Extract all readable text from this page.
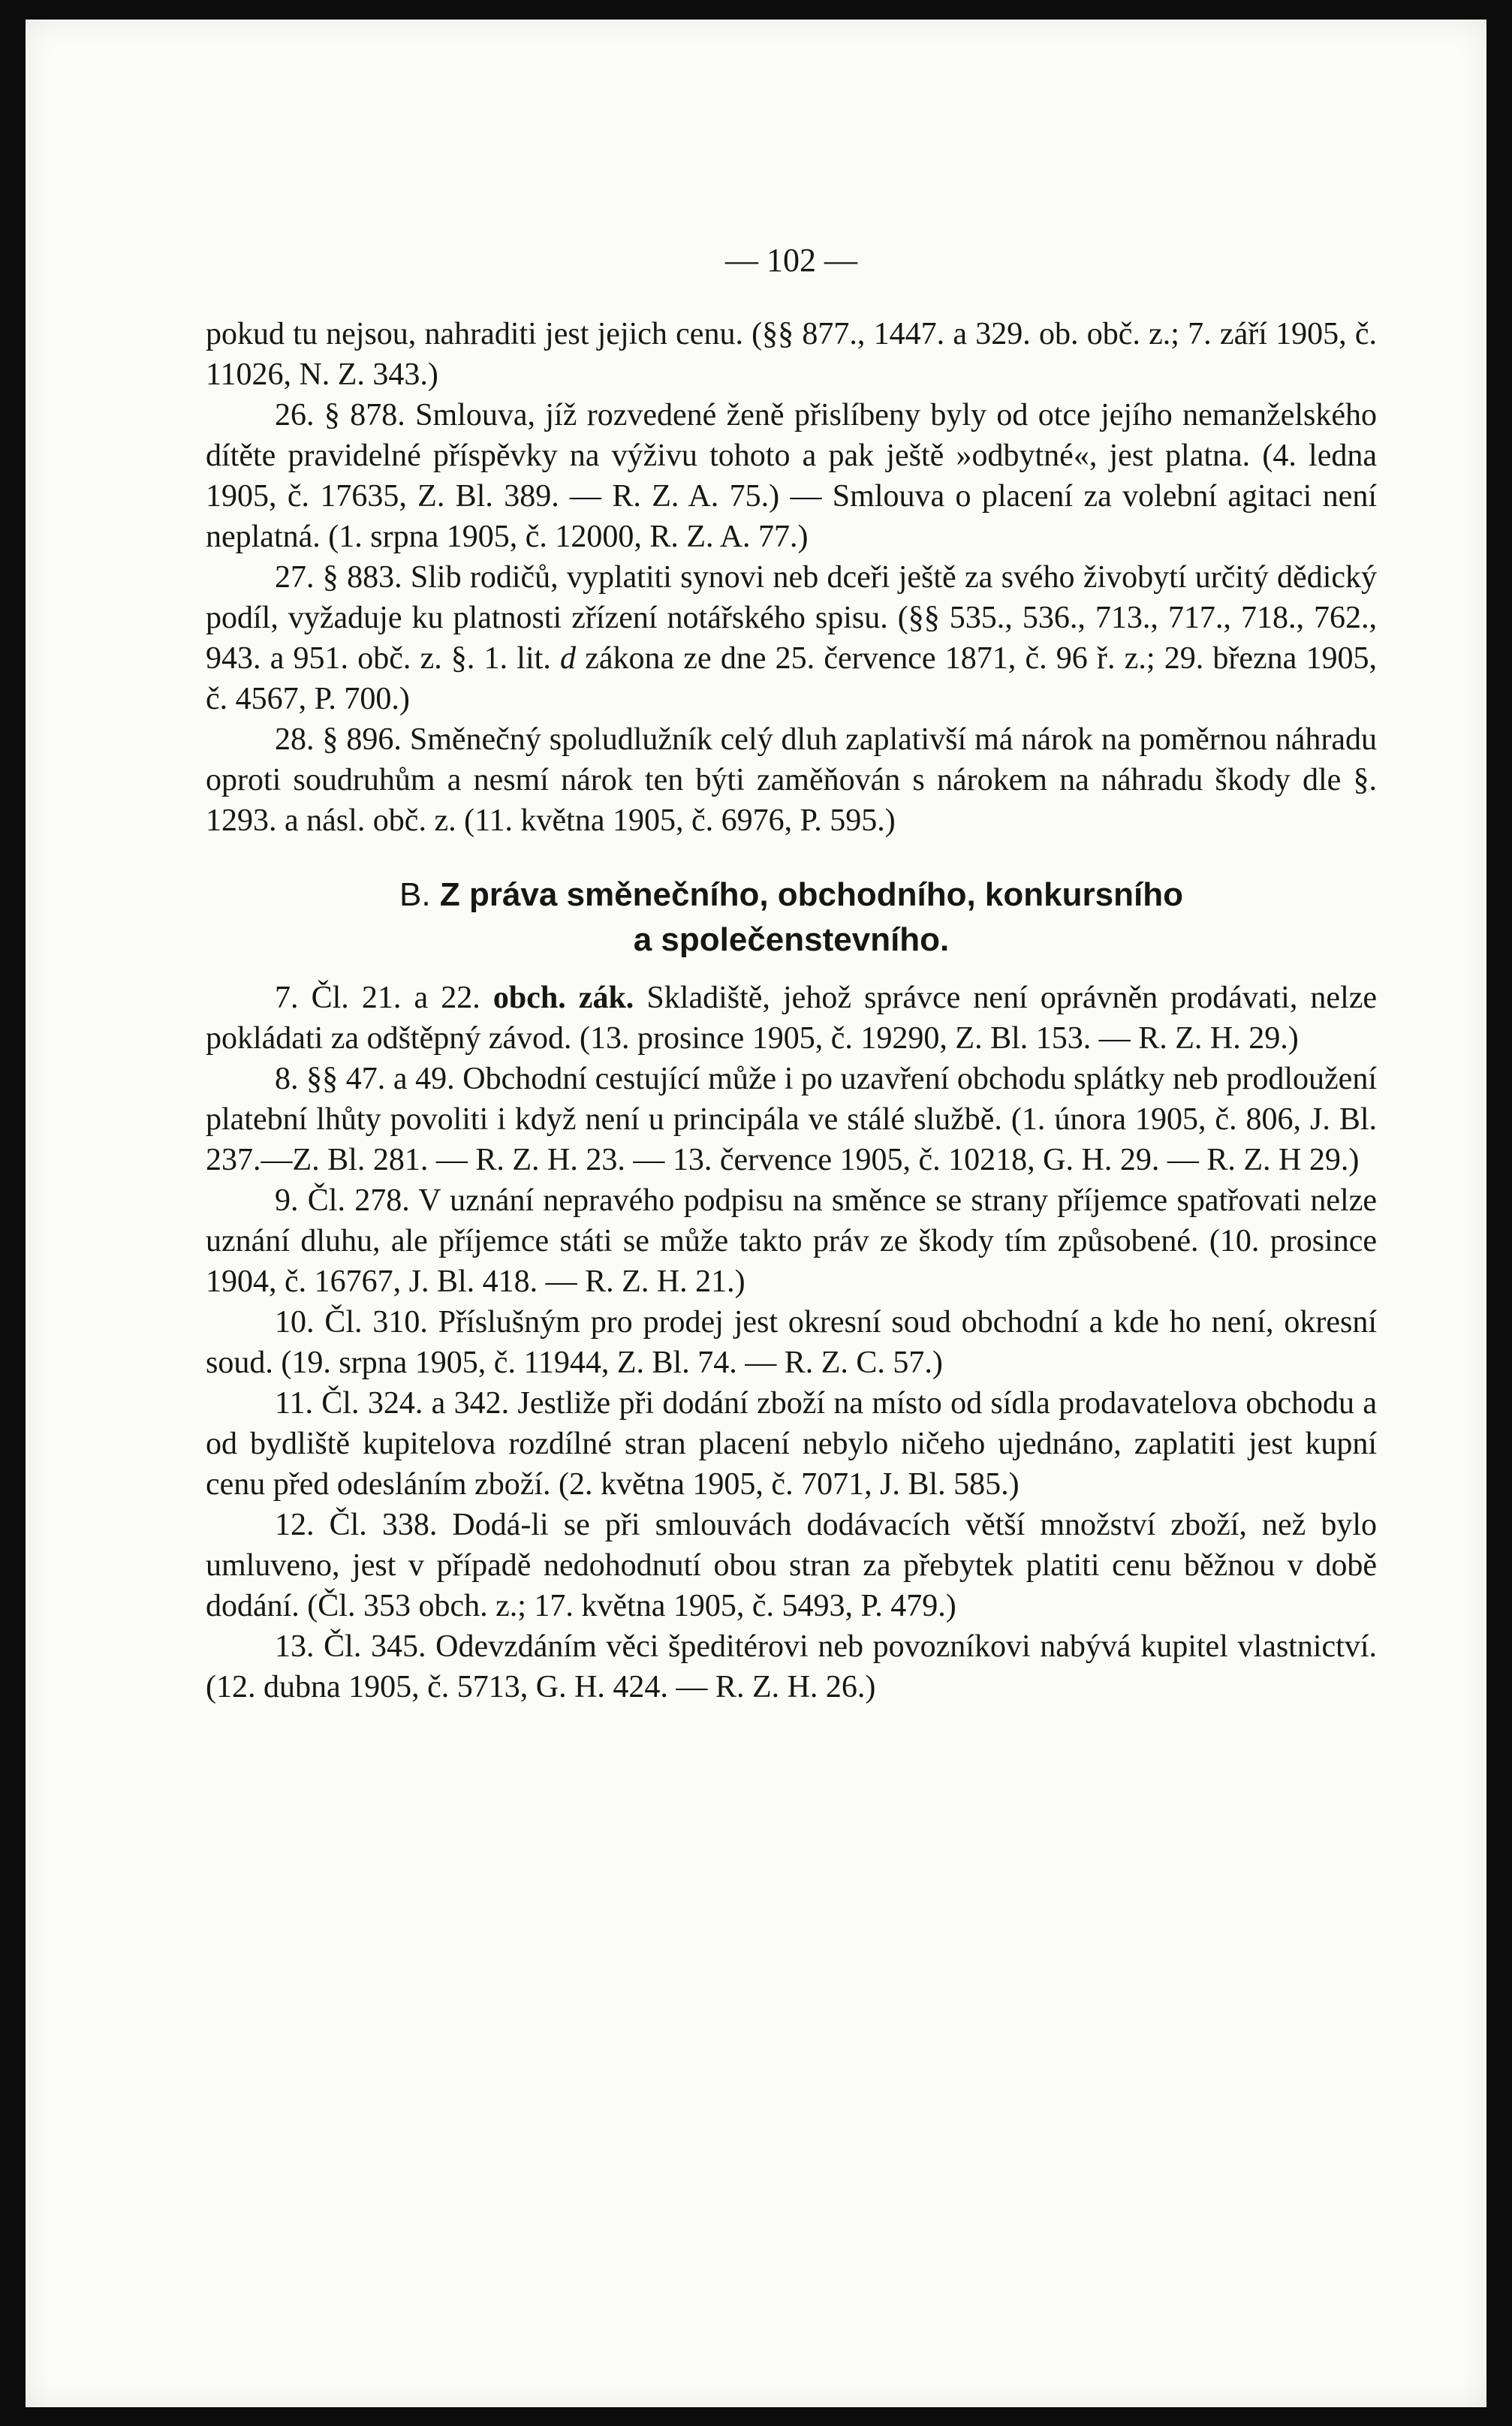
— 102 —

pokud tu nejsou, nahraditi jest jejich cenu. (§§ 877., 1447. a 329. ob. obč. z.; 7. září 1905, č. 11026, N. Z. 343.)

26. § 878. Smlouva, jíž rozvedené ženě přislíbeny byly od otce jejího nemanželského dítěte pravidelné příspěvky na výživu tohoto a pak ještě »odbytné«, jest platna. (4. ledna 1905, č. 17635, Z. Bl. 389. — R. Z. A. 75.) — Smlouva o placení za volební agitaci není neplatná. (1. srpna 1905, č. 12000, R. Z. A. 77.)

27. § 883. Slib rodičů, vyplatiti synovi neb dceři ještě za svého živobytí určitý dědický podíl, vyžaduje ku platnosti zřízení notářského spisu. (§§ 535., 536., 713., 717., 718., 762., 943. a 951. obč. z. §. 1. lit. d zákona ze dne 25. července 1871, č. 96 ř. z.; 29. března 1905, č. 4567, P. 700.)

28. § 896. Směnečný spoludlužník celý dluh zaplativší má nárok na poměrnou náhradu oproti soudruhům a nesmí nárok ten býti zaměňován s nárokem na náhradu škody dle §. 1293. a násl. obč. z. (11. května 1905, č. 6976, P. 595.)

B. Z práva směnečního, obchodního, konkursního
a společenstevního.

7. Čl. 21. a 22. obch. zák. Skladiště, jehož správce není oprávněn prodávati, nelze pokládati za odštěpný závod. (13. prosince 1905, č. 19290, Z. Bl. 153. — R. Z. H. 29.)

8. §§ 47. a 49. Obchodní cestující může i po uzavření obchodu splátky neb prodloužení platební lhůty povoliti i když není u principála ve stálé službě. (1. února 1905, č. 806, J. Bl. 237.—Z. Bl. 281. — R. Z. H. 23. — 13. července 1905, č. 10218, G. H. 29. — R. Z. H 29.)

9. Čl. 278. V uznání nepravého podpisu na směnce se strany příjemce spatřovati nelze uznání dluhu, ale příjemce státi se může takto práv ze škody tím způsobené. (10. prosince 1904, č. 16767, J. Bl. 418. — R. Z. H. 21.)

10. Čl. 310. Příslušným pro prodej jest okresní soud obchodní a kde ho není, okresní soud. (19. srpna 1905, č. 11944, Z. Bl. 74. — R. Z. C. 57.)

11. Čl. 324. a 342. Jestliže při dodání zboží na místo od sídla prodavatelova obchodu a od bydliště kupitelova rozdílné stran placení nebylo ničeho ujednáno, zaplatiti jest kupní cenu před odesláním zboží. (2. května 1905, č. 7071, J. Bl. 585.)

12. Čl. 338. Dodá-li se při smlouvách dodávacích větší množství zboží, než bylo umluveno, jest v případě nedohodnutí obou stran za přebytek platiti cenu běžnou v době dodání. (Čl. 353 obch. z.; 17. května 1905, č. 5493, P. 479.)

13. Čl. 345. Odevzdáním věci špeditérovi neb povozníkovi nabývá kupitel vlastnictví. (12. dubna 1905, č. 5713, G. H. 424. — R. Z. H. 26.)
